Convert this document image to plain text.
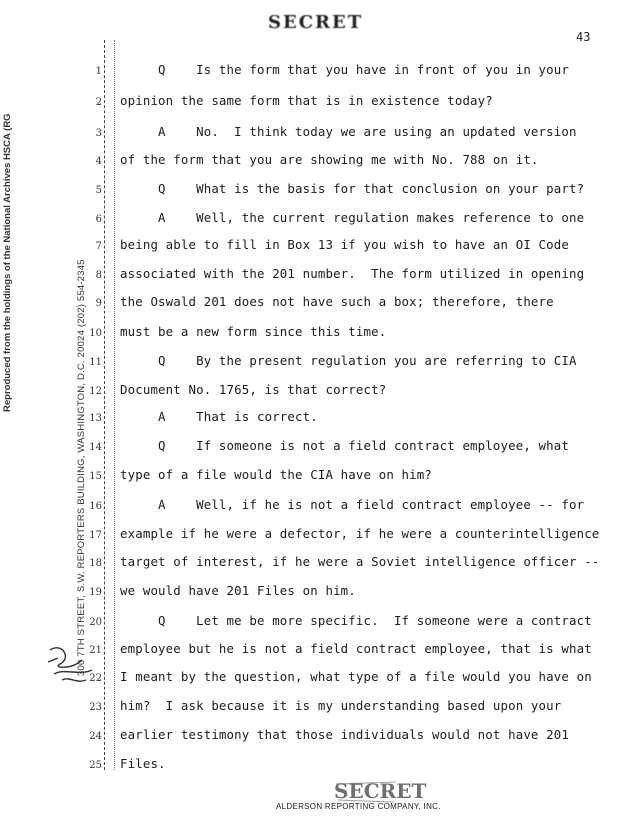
SECRET
43
Reproduced from the holdings of the National Archives HSCA (RG	300 7TH STREET, S.W. REPORTERS BUILDING, WASHINGTON, D.C. 20024 (202) 554-2345
1 Q    Is the form that you have in front of you in your
2 opinion the same form that is in existence today?
3 A    No.  I think today we are using an updated version
4 of the form that you are showing me with No. 788 on it.
5 Q    What is the basis for that conclusion on your part?
6 A    Well, the current regulation makes reference to one
7 being able to fill in Box 13 if you wish to have an OI Code
8 associated with the 201 number.  The form utilized in opening
9 the Oswald 201 does not have such a box; therefore, there
10 must be a new form since this time.
11 Q    By the present regulation you are referring to CIA
12 Document No. 1765, is that correct?
13 A    That is correct.
14 Q    If someone is not a field contract employee, what
15 type of a file would the CIA have on him?
16 A    Well, if he is not a field contract employee -- for
17 example if he were a defector, if he were a counterintelligence
18 target of interest, if he were a Soviet intelligence officer --
19 we would have 201 Files on him.
20 Q    Let me be more specific.  If someone were a contract
21 employee but he is not a field contract employee, that is what
22 I meant by the question, what type of a file would you have on
23 him?  I ask because it is my understanding based upon your
24 earlier testimony that those individuals would not have 201
25 Files.
SECRET
ALDERSON REPORTING COMPANY, INC.
